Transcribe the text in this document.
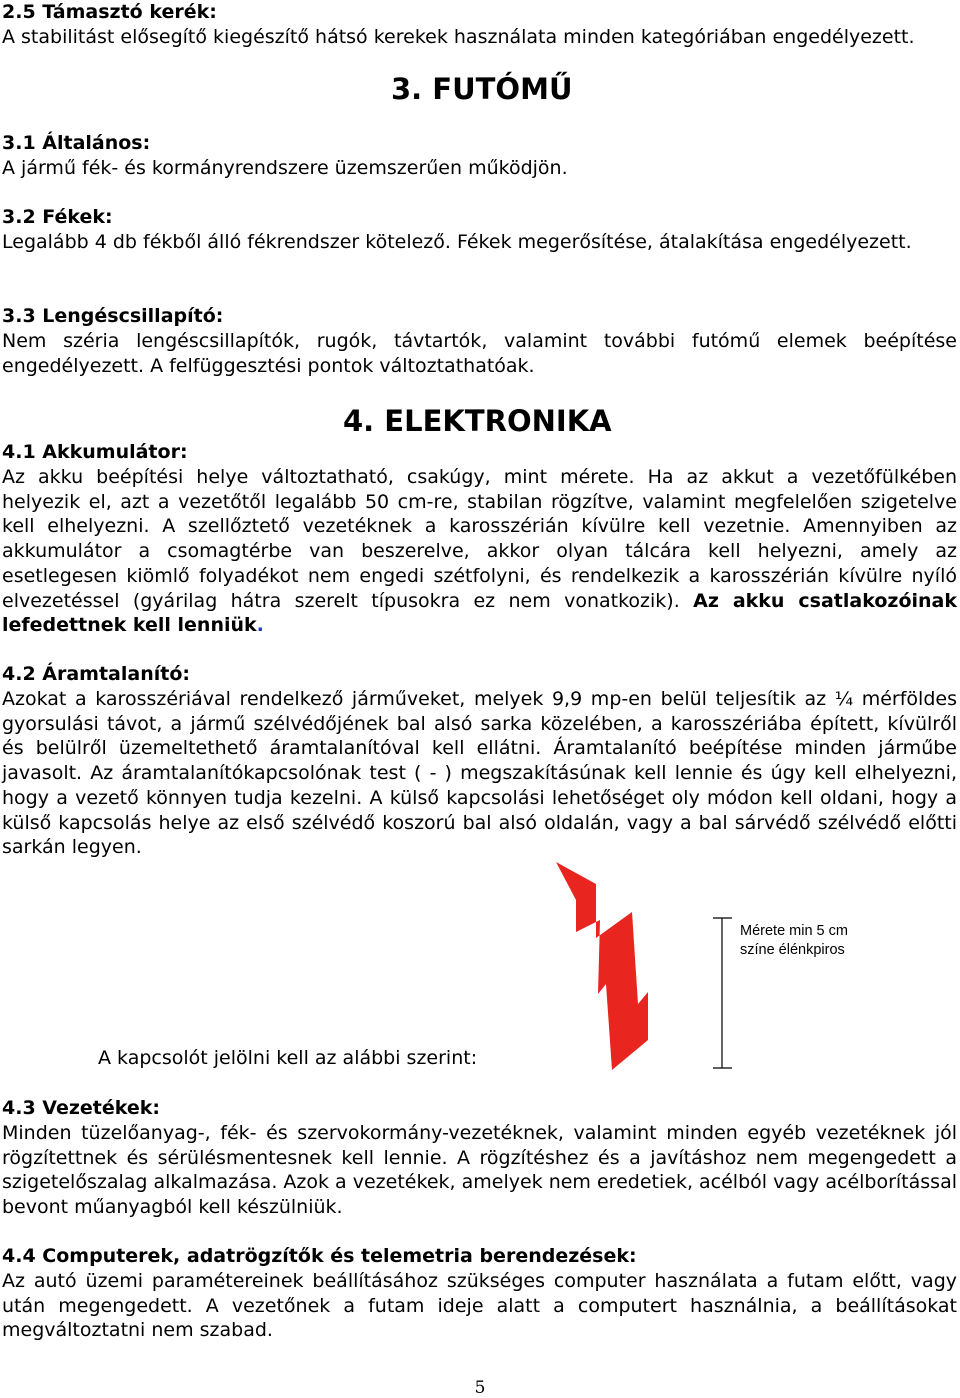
2.5 Támasztó kerék:

A stabilitást elősegítő kiegészítő hátsó kerekek használata minden kategóriában engedélyezett.

3. FUTÓMŰ

3.1 Általános:

A jármű fék- és kormányrendszere üzemszerűen működjön.

3.2 Fékek:

Legalább 4 db fékből álló fékrendszer kötelező. Fékek megerősítése, átalakítása engedélyezett.

3.3 Lengéscsillapító:

Nem széria lengéscsillapítók, rugók, távtartók, valamint további futómű elemek beépítése engedélyezett. A felfüggesztési pontok változtathatóak.

4. ELEKTRONIKA

4.1 Akkumulátor:

Az akku beépítési helye változtatható, csakúgy, mint mérete. Ha az akkut a vezetőfülkében helyezik el, azt a vezetőtől legalább 50 cm-re, stabilan rögzítve, valamint megfelelően szigetelve kell elhelyezni. A szellőztető vezetéknek a karosszérián kívülre kell vezetnie. Amennyiben az akkumulátor a csomagtérbe van beszerelve, akkor olyan tálcára kell helyezni, amely az esetlegesen kiömlő folyadékot nem engedi szétfolyni, és rendelkezik a karosszérián kívülre nyíló elvezetéssel (gyárilag hátra szerelt típusokra ez nem vonatkozik). Az akku csatlakozóinak lefedettnek kell lenniük.

4.2 Áramtalanító:

Azokat a karosszériával rendelkező járműveket, melyek 9,9 mp-en belül teljesítik az ¼ mérföldes gyorsulási távot, a jármű szélvédőjének bal alsó sarka közelében, a karosszériába épített, kívülről és belülről üzemeltethető áramtalanítóval kell ellátni. Áramtalanító beépítése minden járműbe javasolt. Az áramtalanítókapcsolónak test ( - ) megszakításúnak kell lennie és úgy kell elhelyezni, hogy a vezető könnyen tudja kezelni. A külső kapcsolási lehetőséget oly módon kell oldani, hogy a külső kapcsolás helye az első szélvédő koszorú bal alsó oldalán, vagy a bal sárvédő szélvédő előtti sarkán legyen.

Mérete min 5 cm
színe élénkpiros

A kapcsolót jelölni kell az alábbi szerint:

4.3 Vezetékek:

Minden tüzelőanyag-, fék- és szervokormány-vezetéknek, valamint minden egyéb vezetéknek jól rögzítettnek és sérülésmentesnek kell lennie. A rögzítéshez és a javításhoz nem megengedett a szigetelőszalag alkalmazása. Azok a vezetékek, amelyek nem eredetiek, acélból vagy acélborítással bevont műanyagból kell készülniük.

4.4 Computerek, adatrögzítők és telemetria berendezések:

Az autó üzemi paramétereinek beállításához szükséges computer használata a futam előtt, vagy után megengedett. A vezetőnek a futam ideje alatt a computert használnia, a beállításokat megváltoztatni nem szabad.

5
